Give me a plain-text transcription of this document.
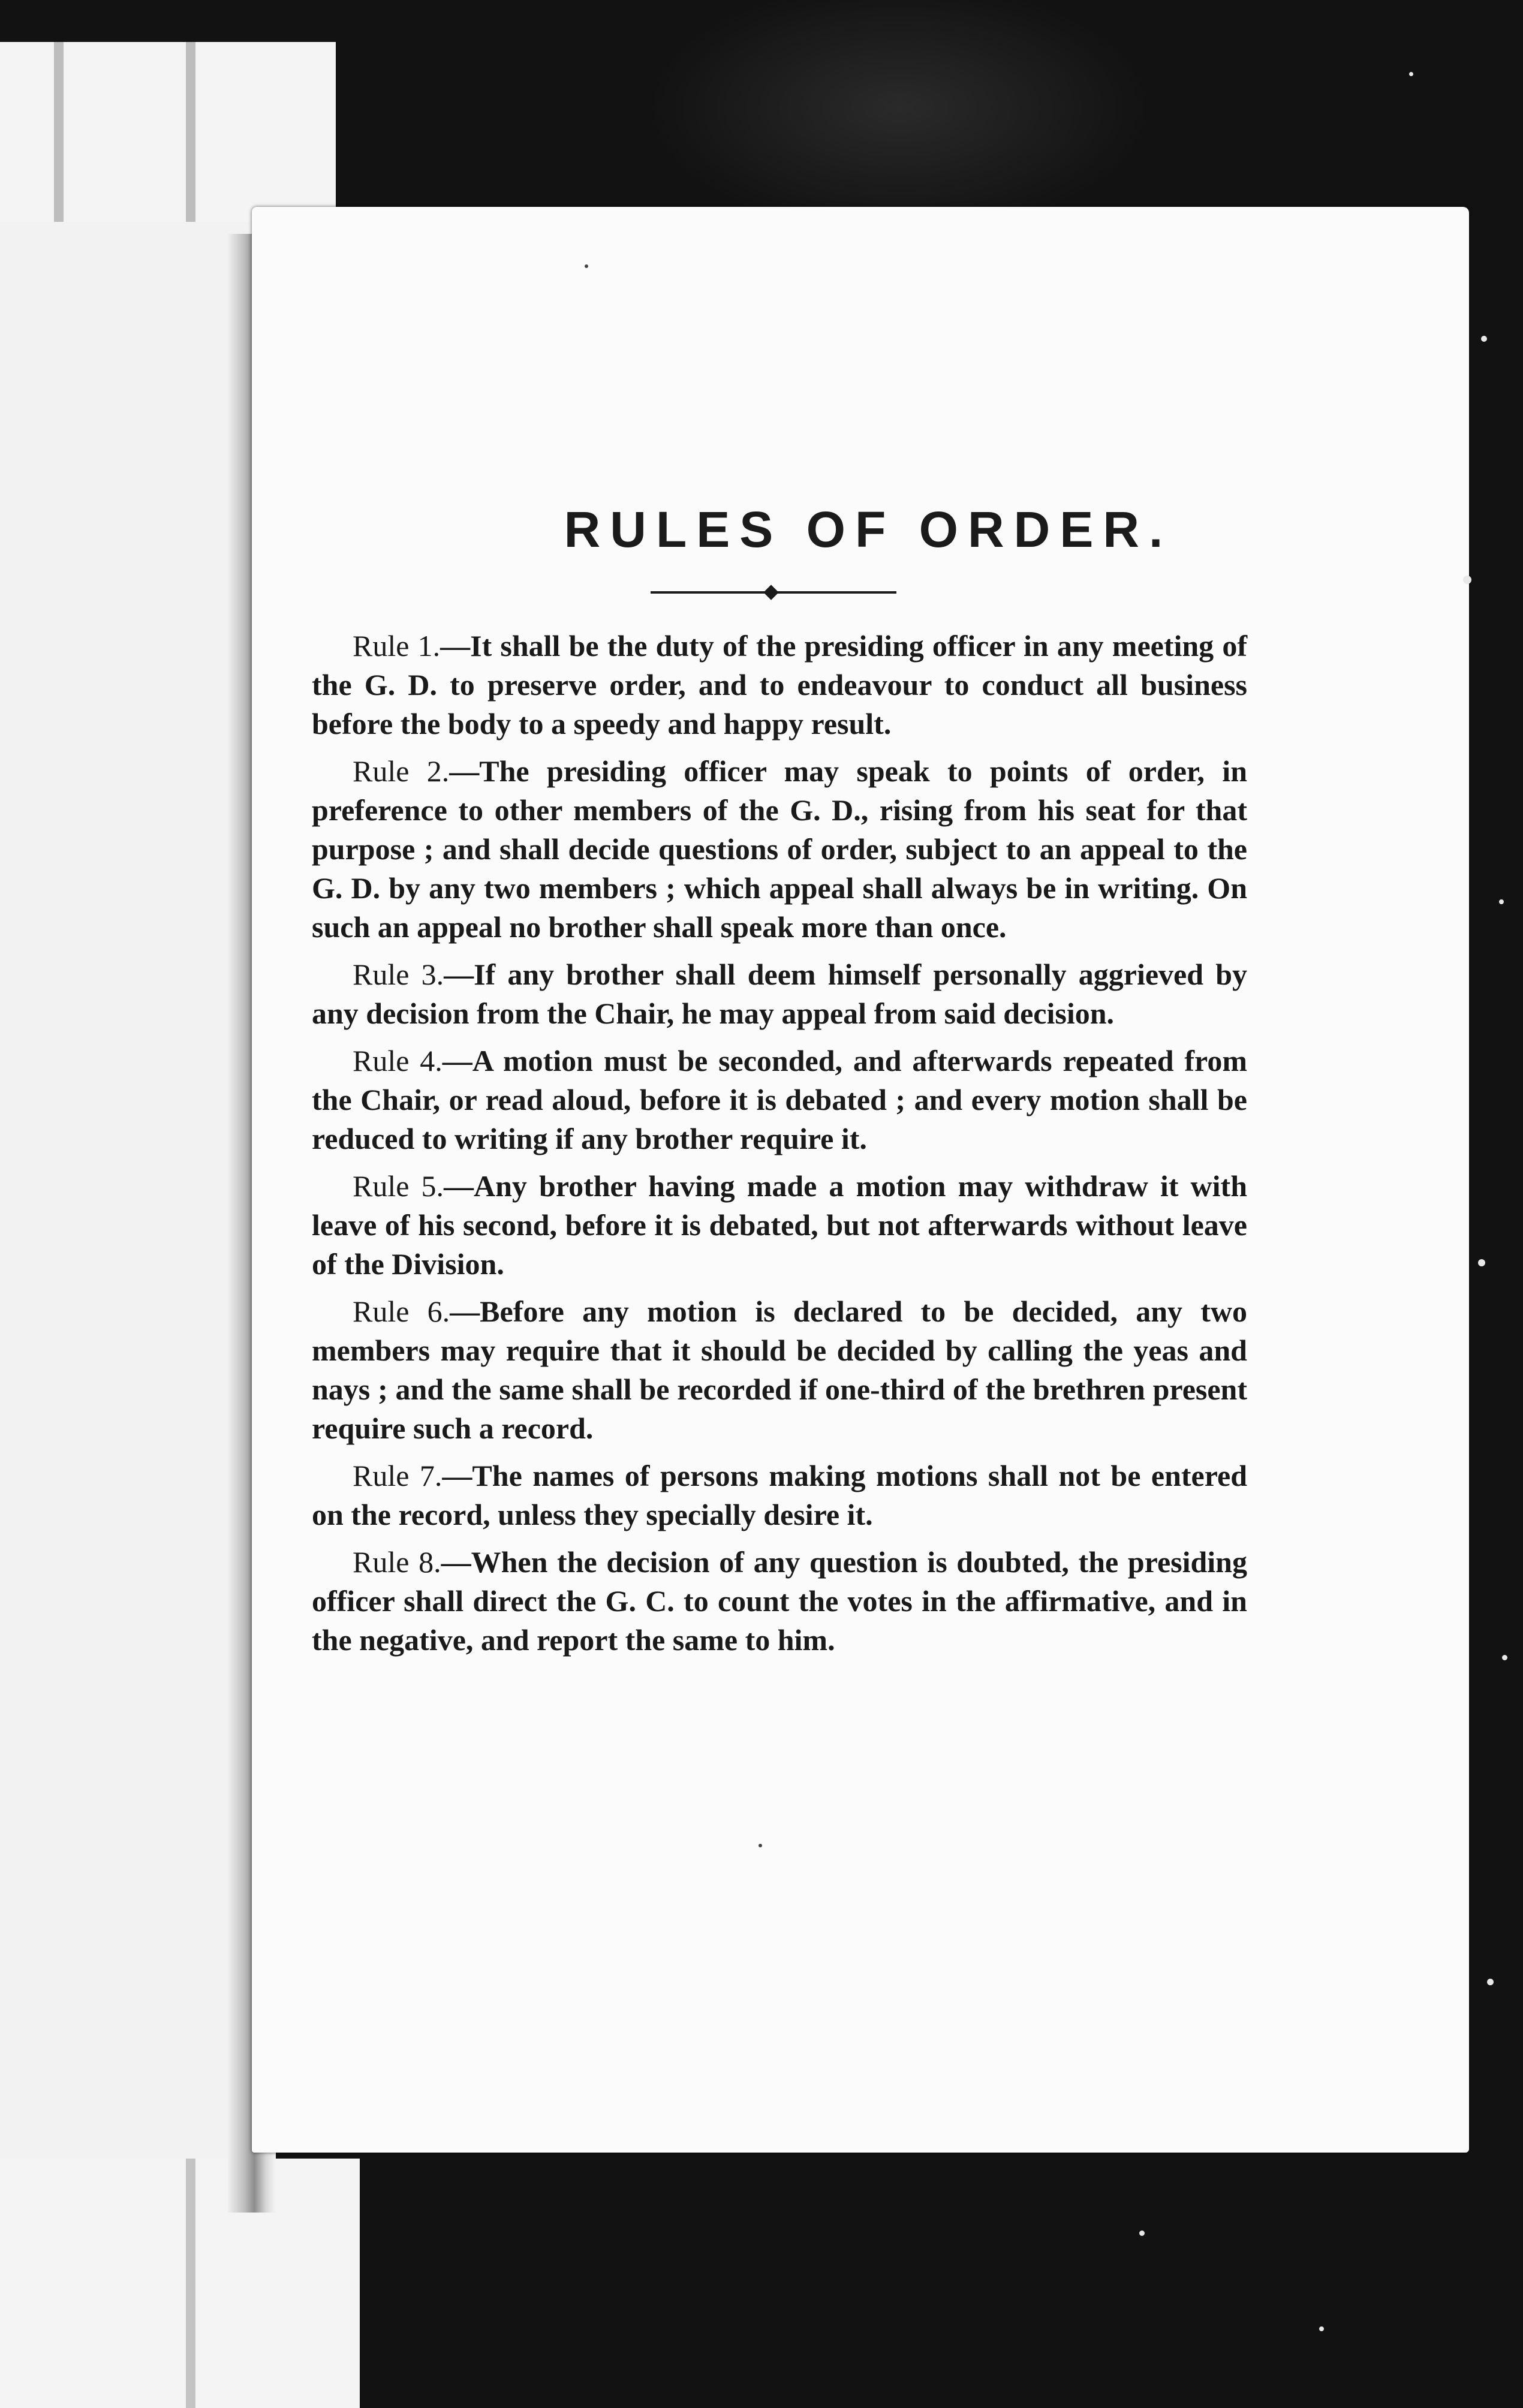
RULES OF ORDER.

Rule 1.—It shall be the duty of the presiding officer in any meeting of the G. D. to preserve order, and to endeavour to conduct all business before the body to a speedy and happy result.

Rule 2.—The presiding officer may speak to points of order, in preference to other members of the G. D., rising from his seat for that purpose ; and shall decide questions of order, subject to an appeal to the G. D. by any two members ; which appeal shall always be in writing. On such an appeal no brother shall speak more than once.

Rule 3.—If any brother shall deem himself personally aggrieved by any decision from the Chair, he may appeal from said decision.

Rule 4.—A motion must be seconded, and afterwards repeated from the Chair, or read aloud, before it is debated ; and every motion shall be reduced to writing if any brother require it.

Rule 5.—Any brother having made a motion may withdraw it with leave of his second, before it is debated, but not afterwards without leave of the Division.

Rule 6.—Before any motion is declared to be decided, any two members may require that it should be decided by calling the yeas and nays ; and the same shall be recorded if one-third of the brethren present require such a record.

Rule 7.—The names of persons making motions shall not be entered on the record, unless they specially desire it.

Rule 8.—When the decision of any question is doubted, the presiding officer shall direct the G. C. to count the votes in the affirmative, and in the negative, and report the same to him.
